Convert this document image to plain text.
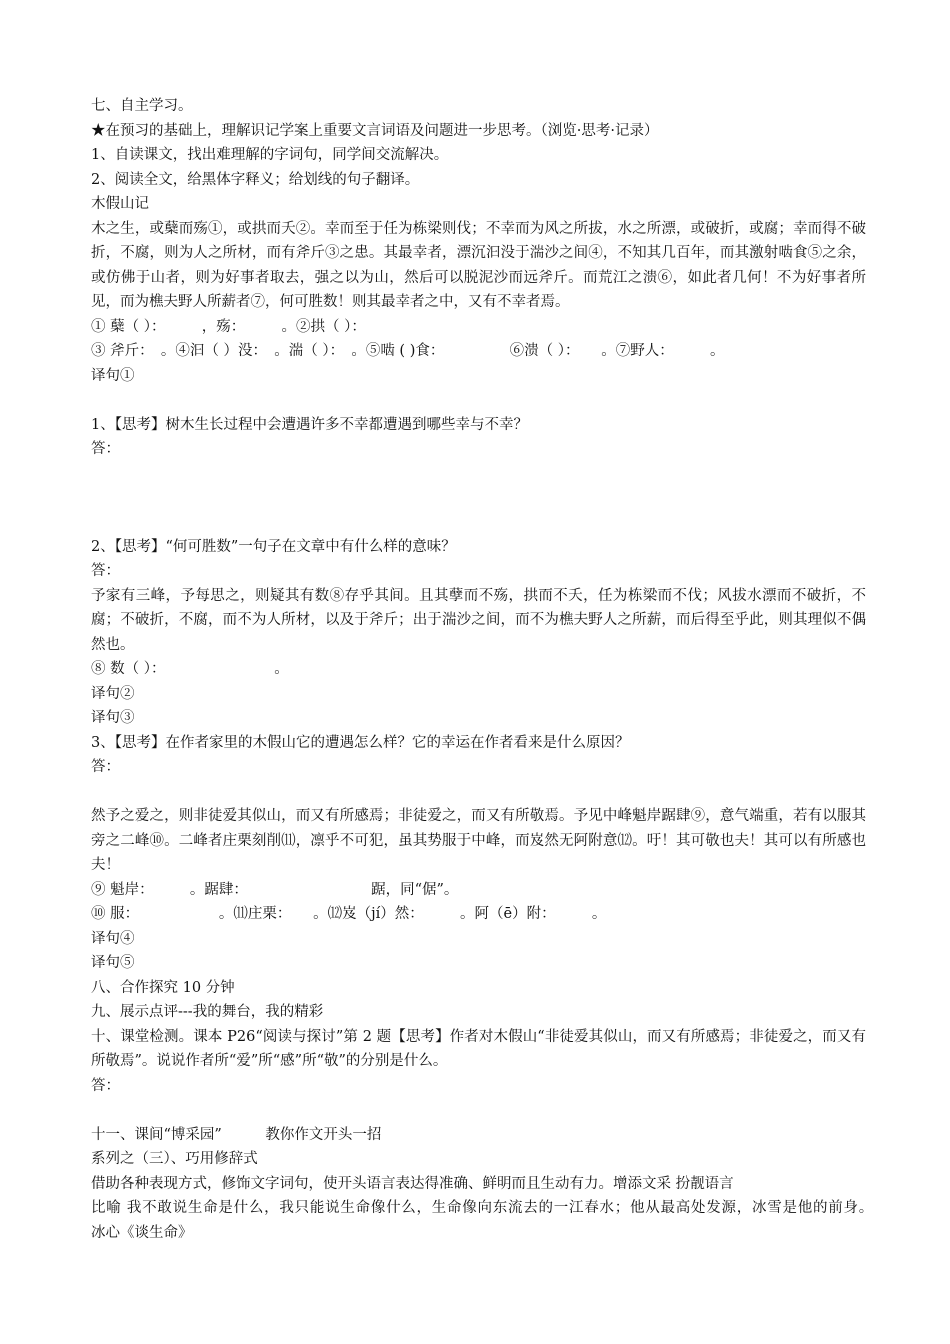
七、自主学习。
★在预习的基础上，理解识记学案上重要文言词语及问题进一步思考。（浏览·思考·记录）
1、自读课文，找出难理解的字词句，同学间交流解决。
2、阅读全文，给黑体字释义；给划线的句子翻译。
木假山记
木之生，或蘖而殇①，或拱而夭②。幸而至于任为栋梁则伐；不幸而为风之所拔，水之所漂，或破折，或腐；幸而得不破折，不腐，则为人之所材，而有斧斤③之患。其最幸者，漂沉汩没于湍沙之间④，不知其几百年，而其激射啮食⑤之余，或仿佛于山者，则为好事者取去，强之以为山，然后可以脱泥沙而远斧斤。而荒江之溃⑥，如此者几何！不为好事者所见，而为樵夫野人所薪者⑦，何可胜数！则其最幸者之中，又有不幸者焉。
① 蘖（ ）：　　　，殇：　　　。②拱（ ）：
③ 斧斤：　。④汩（ ）没：　。湍（ ）：　。⑤啮 ( )食：　　　　　⑥溃（ ）：　　。⑦野人：　　　。
译句①
1、【思考】树木生长过程中会遭遇许多不幸都遭遇到哪些幸与不幸？
答：
2、【思考】“何可胜数”一句子在文章中有什么样的意味？
答：
予家有三峰，予每思之，则疑其有数⑧存乎其间。且其孽而不殇，拱而不夭，任为栋梁而不伐；风拔水漂而不破折，不腐；不破折，不腐，而不为人所材，以及于斧斤；出于湍沙之间，而不为樵夫野人之所薪，而后得至乎此，则其理似不偶然也。
⑧ 数（ ）：　　　　　　　　。
译句②
译句③
3、【思考】在作者家里的木假山它的遭遇怎么样？它的幸运在作者看来是什么原因？
答：
然予之爱之，则非徒爱其似山，而又有所感焉；非徒爱之，而又有所敬焉。予见中峰魁岸踞肆⑨，意气端重，若有以服其旁之二峰⑩。二峰者庄栗刻削⑾，凛乎不可犯，虽其势服于中峰，而岌然无阿附意⑿。吁！其可敬也夫！其可以有所感也夫！
⑨ 魁岸：　　　。踞肆：　　　　　　　　　踞，同“倨”。
⑩ 服：　　　　　　。⑾庄栗：　　。⑿岌（jí）然：　　　。阿（ē）附：　　　。
译句④
译句⑤
八、合作探究 10 分钟
九、展示点评---我的舞台，我的精彩
十、课堂检测。课本 P26“阅读与探讨”第 2 题【思考】作者对木假山“非徒爱其似山，而又有所感焉；非徒爱之，而又有所敬焉”。说说作者所“爱”所“感”所“敬”的分别是什么。
答：
十一、课间“博采园”　　　教你作文开头一招
系列之（三）、巧用修辞式
借助各种表现方式，修饰文字词句，使开头语言表达得准确、鲜明而且生动有力。增添文采 扮靓语言
比喻 我不敢说生命是什么，我只能说生命像什么，生命像向东流去的一江春水；他从最高处发源，冰雪是他的前身。　　冰心《谈生命》
